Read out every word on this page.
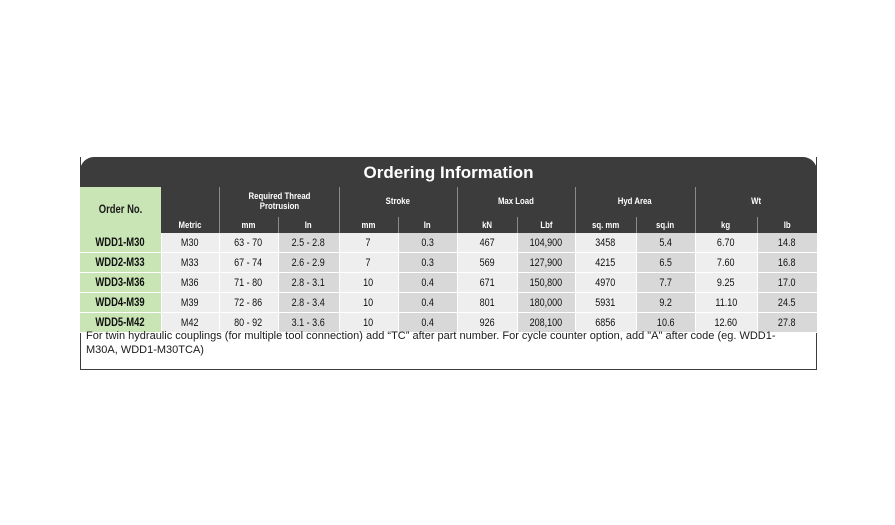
Ordering Information
Order No.		Required Thread Protrusion		Stroke		Max Load		Hyd Area		Wt	
	Metric	mm	In	mm	In	kN	Lbf	sq. mm	sq.in	kg	lb
WDD1-M30	M30	63 - 70	2.5 - 2.8	7	0.3	467	104,900	3458	5.4	6.70	14.8
WDD2-M33	M33	67 - 74	2.6 - 2.9	7	0.3	569	127,900	4215	6.5	7.60	16.8
WDD3-M36	M36	71 - 80	2.8 - 3.1	10	0.4	671	150,800	4970	7.7	9.25	17.0
WDD4-M39	M39	72 - 86	2.8 - 3.4	10	0.4	801	180,000	5931	9.2	11.10	24.5
WDD5-M42	M42	80 - 92	3.1 - 3.6	10	0.4	926	208,100	6856	10.6	12.60	27.8
For twin hydraulic couplings (for multiple tool connection) add “TC” after part number. For cycle counter option, add "A" after code (eg. WDD1-M30A, WDD1-M30TCA)
